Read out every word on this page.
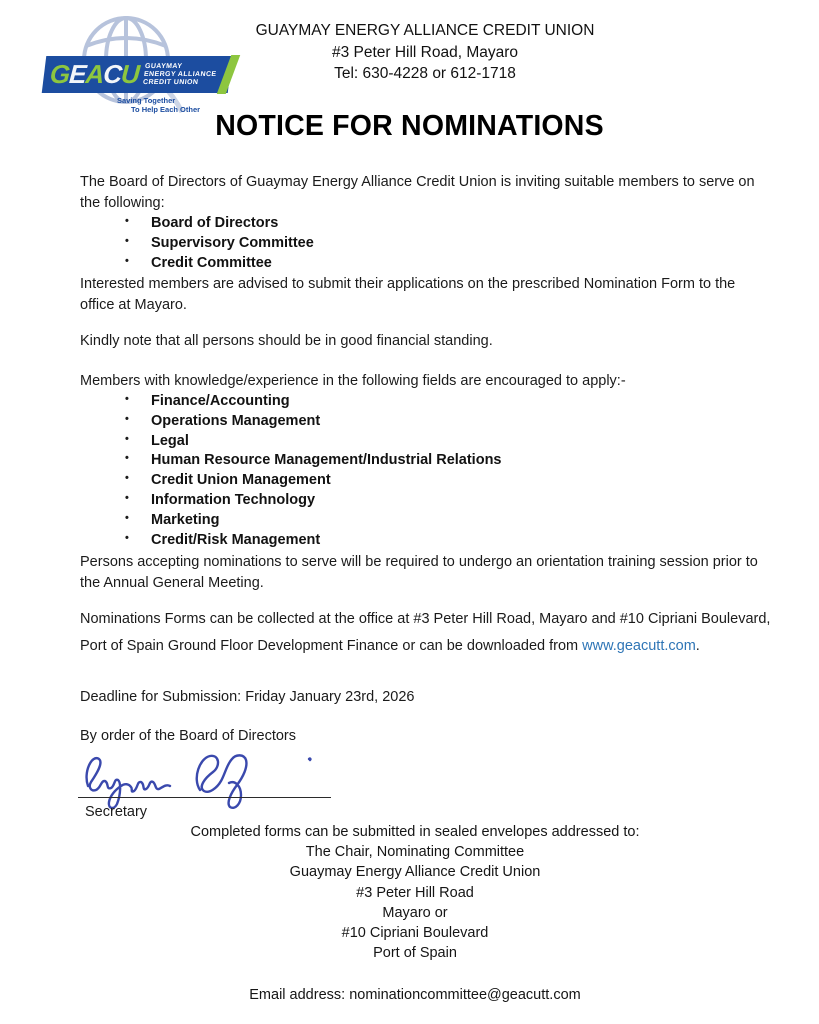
GEACU GUAYMAY
ENERGY ALLIANCE
CREDIT UNION
Saving Together
To Help Each Other
GUAYMAY ENERGY ALLIANCE CREDIT UNION
#3 Peter Hill Road, Mayaro
Tel: 630-4228 or 612-1718
NOTICE FOR NOMINATIONS
The Board of Directors of Guaymay Energy Alliance Credit Union is inviting suitable members to serve on the following:
• Board of Directors
• Supervisory Committee
• Credit Committee
Interested members are advised to submit their applications on the prescribed Nomination Form to the office at Mayaro.
Kindly note that all persons should be in good financial standing.
Members with knowledge/experience in the following fields are encouraged to apply:-
• Finance/Accounting
• Operations Management
• Legal
• Human Resource Management/Industrial Relations
• Credit Union Management
• Information Technology
• Marketing
• Credit/Risk Management
Persons accepting nominations to serve will be required to undergo an orientation training session prior to the Annual General Meeting.
Nominations Forms can be collected at the office at #3 Peter Hill Road, Mayaro and #10 Cipriani Boulevard, Port of Spain Ground Floor Development Finance or can be downloaded from www.geacutt.com.
Deadline for Submission: Friday January 23rd, 2026
By order of the Board of Directors
Secretary
Completed forms can be submitted in sealed envelopes addressed to:
The Chair, Nominating Committee
Guaymay Energy Alliance Credit Union
#3 Peter Hill Road
Mayaro or
#10 Cipriani Boulevard
Port of Spain
Email address: nominationcommittee@geacutt.com
